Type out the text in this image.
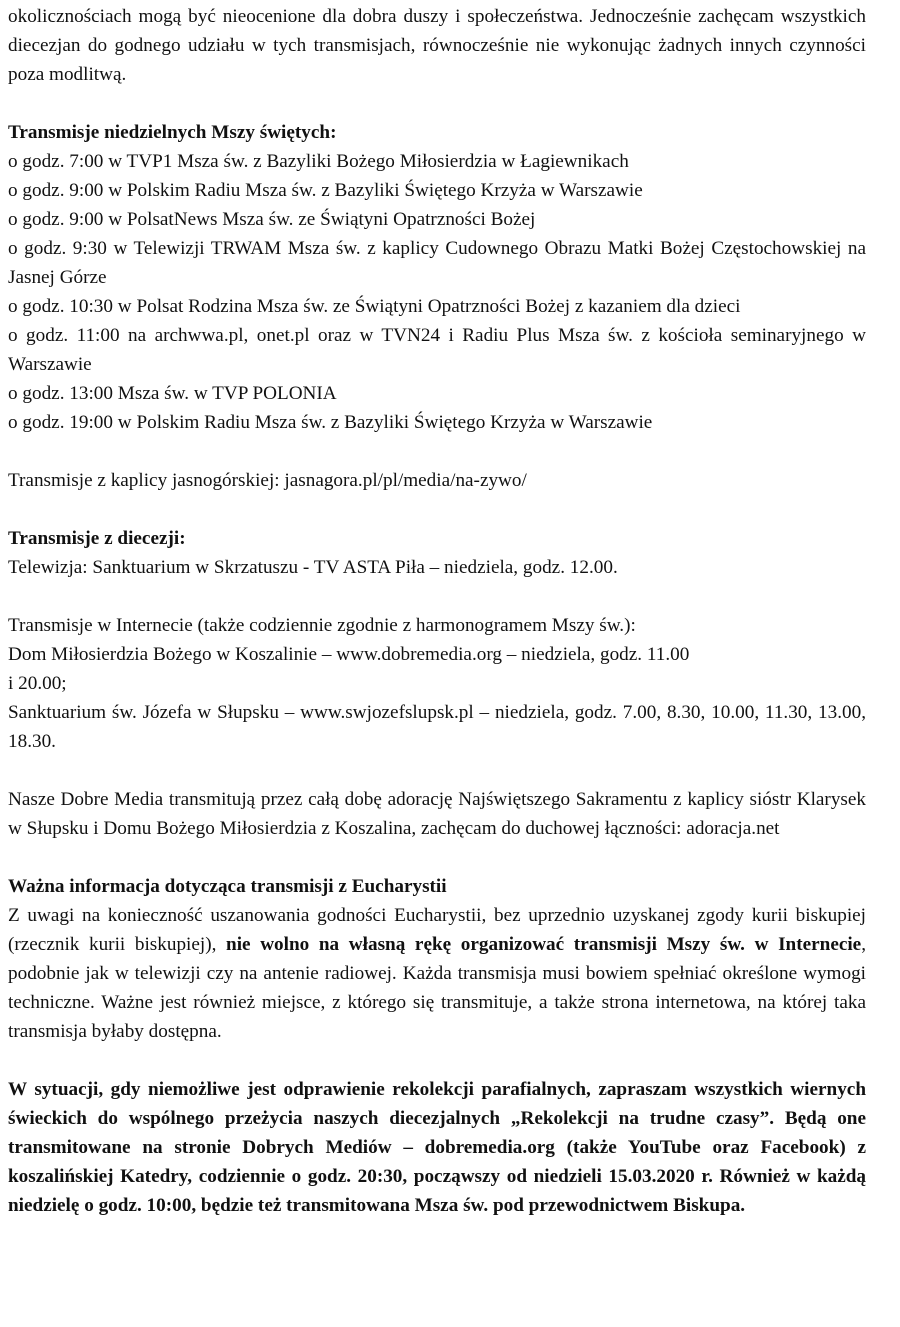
okolicznościach mogą być nieocenione dla dobra duszy i społeczeństwa. Jednocześnie zachęcam wszystkich diecezjan do godnego udziału w tych transmisjach, równocześnie nie wykonując żadnych innych czynności poza modlitwą.

Transmisje niedzielnych Mszy świętych:

o godz. 7:00 w TVP1 Msza św. z Bazyliki Bożego Miłosierdzia w Łagiewnikach

o godz. 9:00 w Polskim Radiu Msza św. z Bazyliki Świętego Krzyża w Warszawie

o godz. 9:00 w PolsatNews Msza św. ze Świątyni Opatrzności Bożej

o godz. 9:30 w Telewizji TRWAM Msza św. z kaplicy Cudownego Obrazu Matki Bożej Częstochowskiej na Jasnej Górze

o godz. 10:30 w Polsat Rodzina Msza św. ze Świątyni Opatrzności Bożej z kazaniem dla dzieci

o godz. 11:00 na archwwa.pl, onet.pl oraz w TVN24 i Radiu Plus Msza św. z kościoła seminaryjnego w Warszawie

o godz. 13:00 Msza św. w TVP POLONIA

o godz. 19:00 w Polskim Radiu Msza św. z Bazyliki Świętego Krzyża w Warszawie

Transmisje z kaplicy jasnogórskiej: jasnagora.pl/pl/media/na-zywo/

Transmisje z diecezji:

Telewizja: Sanktuarium w Skrzatuszu - TV ASTA Piła – niedziela, godz. 12.00.

Transmisje w Internecie (także codziennie zgodnie z harmonogramem Mszy św.):

Dom Miłosierdzia Bożego w Koszalinie – www.dobremedia.org – niedziela, godz. 11.00

i 20.00;

Sanktuarium św. Józefa w Słupsku – www.swjozefslupsk.pl – niedziela, godz. 7.00, 8.30, 10.00, 11.30, 13.00, 18.30.

Nasze Dobre Media transmitują przez całą dobę adorację Najświętszego Sakramentu z kaplicy sióstr Klarysek w Słupsku i Domu Bożego Miłosierdzia z Koszalina, zachęcam do duchowej łączności: adoracja.net

Ważna informacja dotycząca transmisji z Eucharystii

Z uwagi na konieczność uszanowania godności Eucharystii, bez uprzednio uzyskanej zgody kurii biskupiej (rzecznik kurii biskupiej), nie wolno na własną rękę organizować transmisji Mszy św. w Internecie, podobnie jak w telewizji czy na antenie radiowej. Każda transmisja musi bowiem spełniać określone wymogi techniczne. Ważne jest również miejsce, z którego się transmituje, a także strona internetowa, na której taka transmisja byłaby dostępna.

W sytuacji, gdy niemożliwe jest odprawienie rekolekcji parafialnych, zapraszam wszystkich wiernych świeckich do wspólnego przeżycia naszych diecezjalnych „Rekolekcji na trudne czasy”. Będą one transmitowane na stronie Dobrych Mediów – dobremedia.org (także YouTube oraz Facebook) z koszalińskiej Katedry, codziennie o godz. 20:30, począwszy od niedzieli 15.03.2020 r. Również w każdą niedzielę o godz. 10:00, będzie też transmitowana Msza św. pod przewodnictwem Biskupa.
